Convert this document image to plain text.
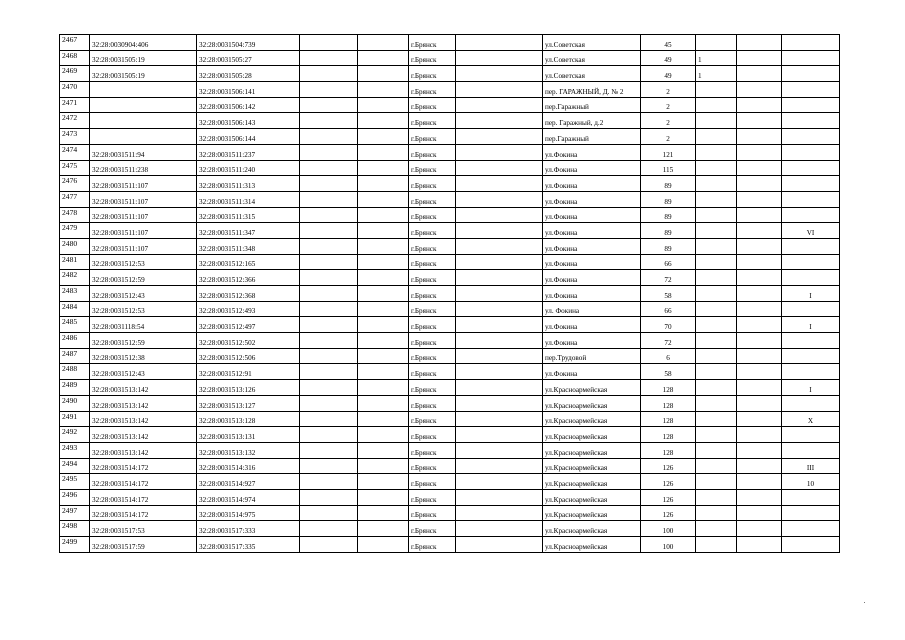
2467	32:28:0030904:406	32:28:0031504:739			г.Брянск		ул.Советская	45			
2468	32:28:0031505:19	32:28:0031505:27			г.Брянск		ул.Советская	49	1		
2469	32:28:0031505:19	32:28:0031505:28			г.Брянск		ул.Советская	49	1		
2470		32:28:0031506:141			г.Брянск		пер. ГАРАЖНЫЙ, Д. № 2	2			
2471		32:28:0031506:142			г.Брянск		пер.Гаражный	2			
2472		32:28:0031506:143			г.Брянск		пер. Гаражный, д.2	2			
2473		32:28:0031506:144			г.Брянск		пер.Гаражный	2			
2474	32:28:0031511:94	32:28:0031511:237			г.Брянск		ул.Фокина	121			
2475	32:28:0031511:238	32:28:0031511:240			г.Брянск		ул.Фокина	115			
2476	32:28:0031511:107	32:28:0031511:313			г.Брянск		ул.Фокина	89			
2477	32:28:0031511:107	32:28:0031511:314			г.Брянск		ул.Фокина	89			
2478	32:28:0031511:107	32:28:0031511:315			г.Брянск		ул.Фокина	89			
2479	32:28:0031511:107	32:28:0031511:347			г.Брянск		ул.Фокина	89			VI
2480	32:28:0031511:107	32:28:0031511:348			г.Брянск		ул.Фокина	89			
2481	32:28:0031512:53	32:28:0031512:165			г.Брянск		ул.Фокина	66			
2482	32:28:0031512:59	32:28:0031512:366			г.Брянск		ул.Фокина	72			
2483	32:28:0031512:43	32:28:0031512:368			г.Брянск		ул.Фокина	58			I
2484	32:28:0031512:53	32:28:0031512:493			г.Брянск		ул. Фокина	66			
2485	32:28:0031118:54	32:28:0031512:497			г.Брянск		ул.Фокина	70			I
2486	32:28:0031512:59	32:28:0031512:502			г.Брянск		ул.Фокина	72			
2487	32:28:0031512:38	32:28:0031512:506			г.Брянск		пер.Трудовой	6			
2488	32:28:0031512:43	32:28:0031512:91			г.Брянск		ул.Фокина	58			
2489	32:28:0031513:142	32:28:0031513:126			г.Брянск		ул.Красноармейская	128			I
2490	32:28:0031513:142	32:28:0031513:127			г.Брянск		ул.Красноармейская	128			
2491	32:28:0031513:142	32:28:0031513:128			г.Брянск		ул.Красноармейская	128			X
2492	32:28:0031513:142	32:28:0031513:131			г.Брянск		ул.Красноармейская	128			
2493	32:28:0031513:142	32:28:0031513:132			г.Брянск		ул.Красноармейская	128			
2494	32:28:0031514:172	32:28:0031514:316			г.Брянск		ул.Красноармейская	126			III
2495	32:28:0031514:172	32:28:0031514:927			г.Брянск		ул.Красноармейская	126			10
2496	32:28:0031514:172	32:28:0031514:974			г.Брянск		ул.Красноармейская	126			
2497	32:28:0031514:172	32:28:0031514:975			г.Брянск		ул.Красноармейская	126			
2498	32:28:0031517:53	32:28:0031517:333			г.Брянск		ул.Красноармейская	100			
2499	32:28:0031517:59	32:28:0031517:335			г.Брянск		ул.Красноармейская	100			
